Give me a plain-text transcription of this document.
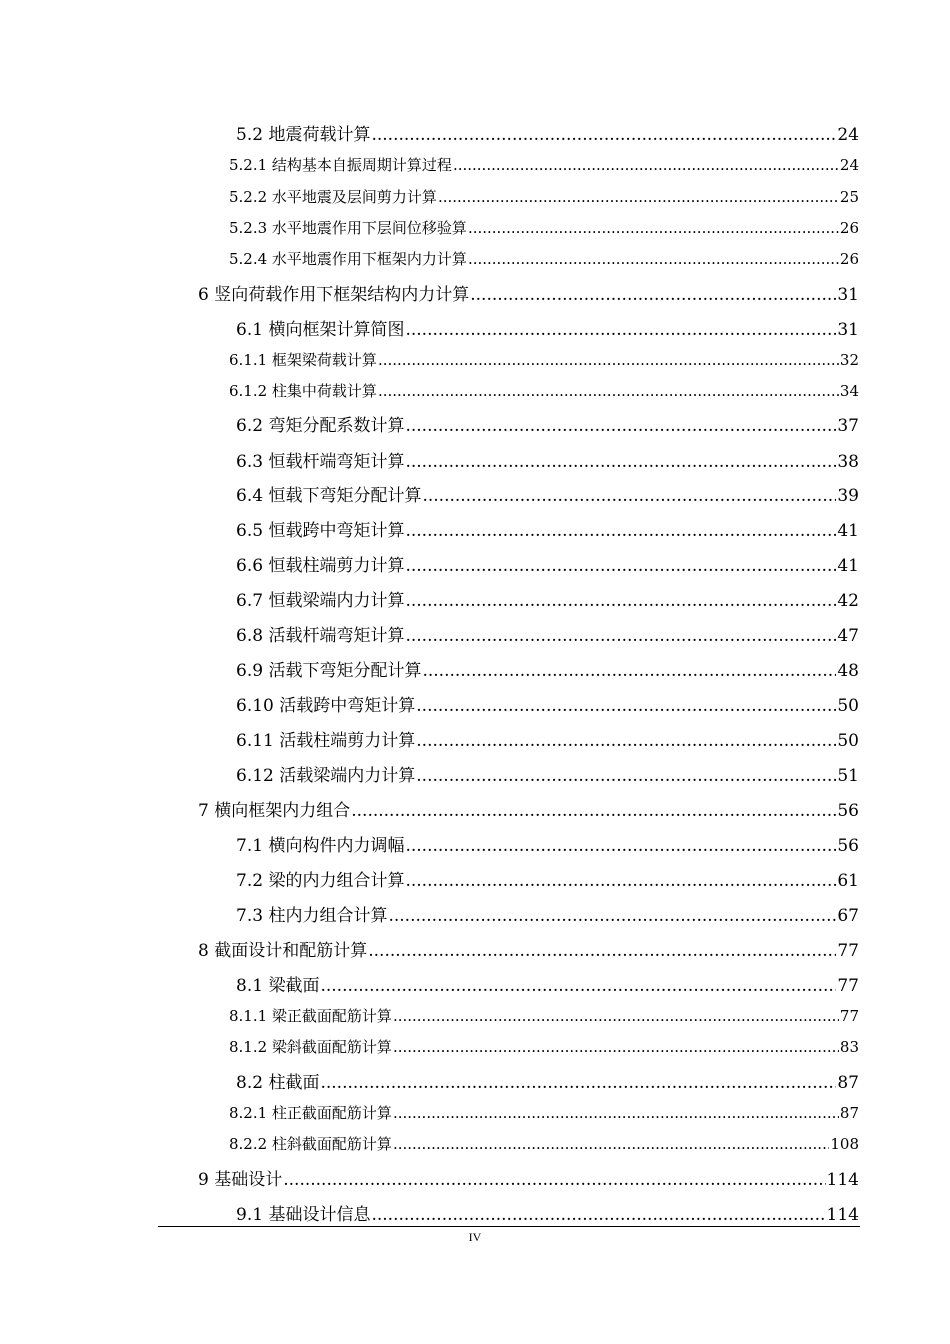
5.2 地震荷载计算 .....	24
5.2.1 结构基本自振周期计算过程 .....	24
5.2.2 水平地震及层间剪力计算 .....	25
5.2.3 水平地震作用下层间位移验算 .....	26
5.2.4 水平地震作用下框架内力计算 .....	26
6 竖向荷载作用下框架结构内力计算 .....	31
6.1 横向框架计算简图 .....	31
6.1.1 框架梁荷载计算 .....	32
6.1.2 柱集中荷载计算 .....	34
6.2 弯矩分配系数计算 .....	37
6.3 恒载杆端弯矩计算 .....	38
6.4 恒载下弯矩分配计算 .....	39
6.5 恒载跨中弯矩计算 .....	41
6.6 恒载柱端剪力计算 .....	41
6.7 恒载梁端内力计算 .....	42
6.8 活载杆端弯矩计算 .....	47
6.9 活载下弯矩分配计算 .....	48
6.10 活载跨中弯矩计算 .....	50
6.11 活载柱端剪力计算 .....	50
6.12 活载梁端内力计算 .....	51
7 横向框架内力组合 .....	56
7.1 横向构件内力调幅 .....	56
7.2 梁的内力组合计算 .....	61
7.3 柱内力组合计算 .....	67
8 截面设计和配筋计算 .....	77
8.1 梁截面 .....	77
8.1.1 梁正截面配筋计算 .....	77
8.1.2 梁斜截面配筋计算 .....	83
8.2 柱截面 .....	87
8.2.1 柱正截面配筋计算 .....	87
8.2.2 柱斜截面配筋计算 .....	108
9 基础设计 .....	114
9.1 基础设计信息 .....	114
IV
